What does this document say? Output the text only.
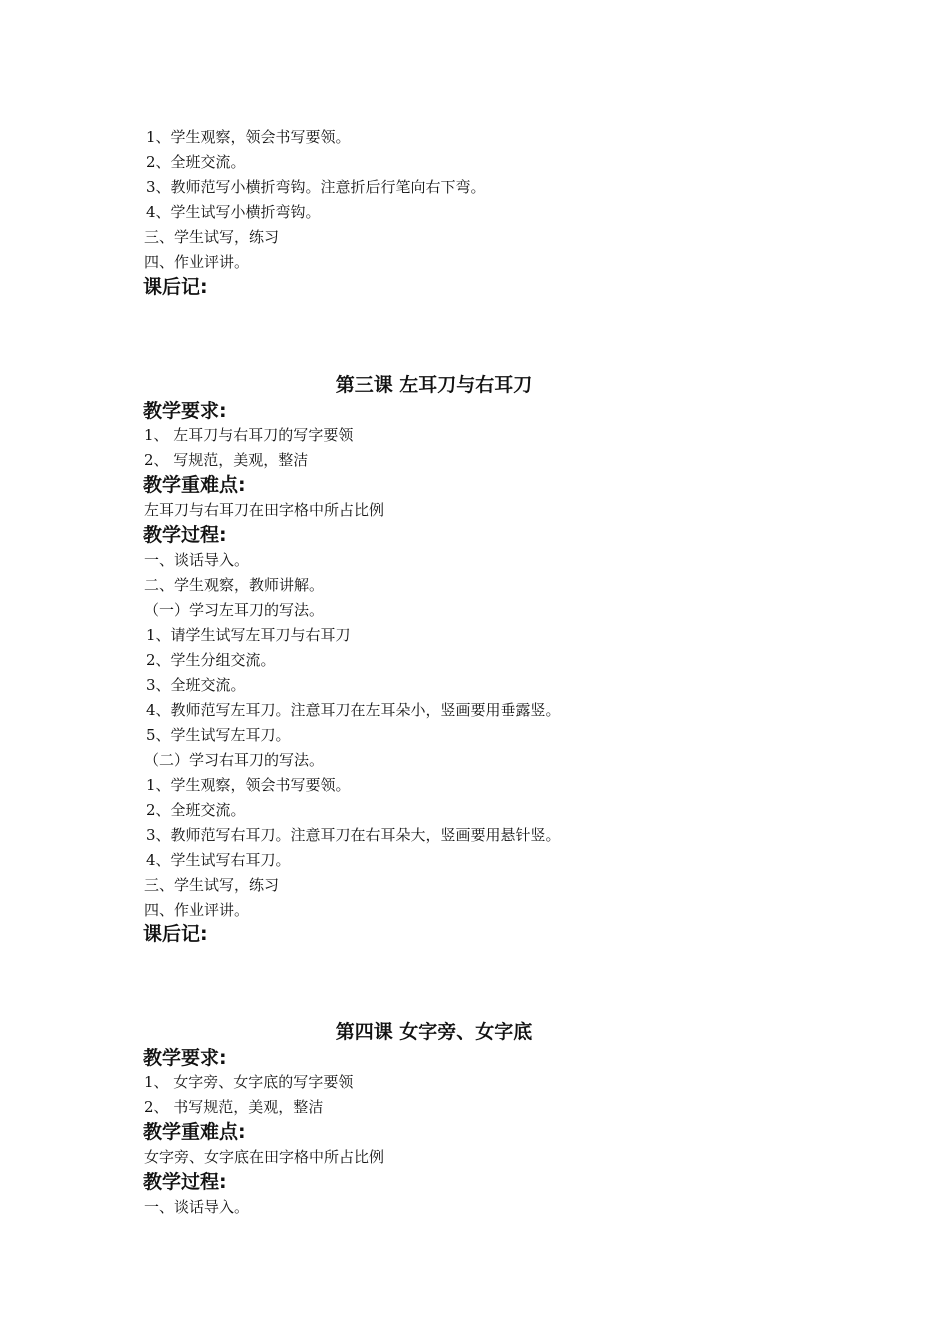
1、学生观察，领会书写要领。
2、全班交流。
3、教师范写小横折弯钩。注意折后行笔向右下弯。
4、学生试写小横折弯钩。
三、学生试写，练习
四、作业评讲。
课后记:
第三课 左耳刀与右耳刀
教学要求:
1、 左耳刀与右耳刀的写字要领
2、 写规范，美观，整洁
教学重难点:
左耳刀与右耳刀在田字格中所占比例
教学过程:
一、谈话导入。
二、学生观察，教师讲解。
（一）学习左耳刀的写法。
1、请学生试写左耳刀与右耳刀
2、学生分组交流。
3、全班交流。
4、教师范写左耳刀。注意耳刀在左耳朵小，竖画要用垂露竖。
5、学生试写左耳刀。
（二）学习右耳刀的写法。
1、学生观察，领会书写要领。
2、全班交流。
3、教师范写右耳刀。注意耳刀在右耳朵大，竖画要用悬针竖。
4、学生试写右耳刀。
三、学生试写，练习
四、作业评讲。
课后记:
第四课 女字旁、女字底
教学要求:
1、 女字旁、女字底的写字要领
2、 书写规范，美观，整洁
教学重难点:
女字旁、女字底在田字格中所占比例
教学过程:
一、谈话导入。
